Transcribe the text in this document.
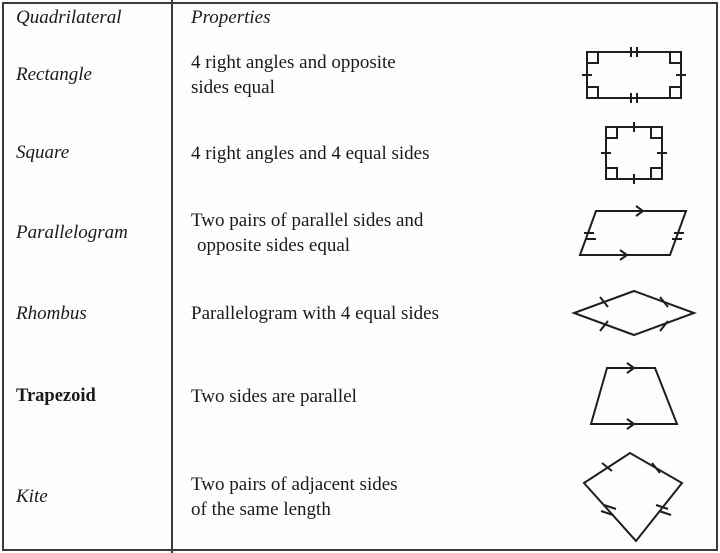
Quadrilateral	Properties	
Rectangle	4 right angles and opposite
sides equal

Square	4 right angles and 4 equal sides	

Parallelogram	Two pairs of parallel sides and
opposite sides equal

Rhombus	Parallelogram with 4 equal sides	

Trapezoid	Two sides are parallel	

Kite	Two pairs of adjacent sides
of the same length
